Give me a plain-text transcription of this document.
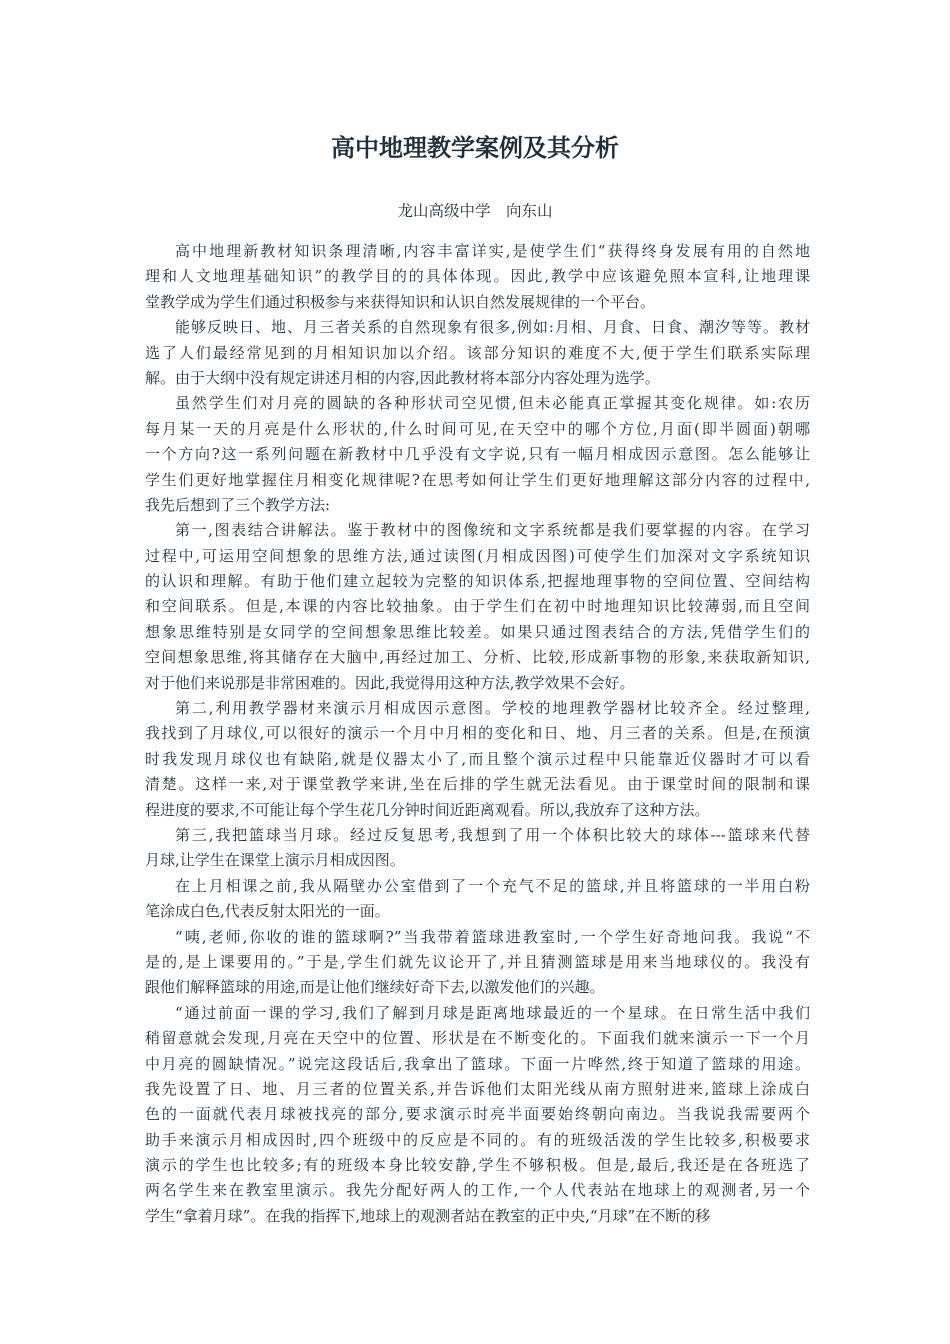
高中地理教学案例及其分析
龙山高级中学　向东山
高中地理新教材知识条理清晰,内容丰富详实,是使学生们“获得终身发展有用的自然地
理和人文地理基础知识”的教学目的的具体体现。因此,教学中应该避免照本宣科,让地理课
堂教学成为学生们通过积极参与来获得知识和认识自然发展规律的一个平台。
能够反映日、地、月三者关系的自然现象有很多,例如:月相、月食、日食、潮汐等等。教材
选了人们最经常见到的月相知识加以介绍。该部分知识的难度不大,便于学生们联系实际理
解。由于大纲中没有规定讲述月相的内容,因此教材将本部分内容处理为选学。
虽然学生们对月亮的圆缺的各种形状司空见惯,但未必能真正掌握其变化规律。如:农历
每月某一天的月亮是什么形状的,什么时间可见,在天空中的哪个方位,月面(即半圆面)朝哪
一个方向?这一系列问题在新教材中几乎没有文字说,只有一幅月相成因示意图。怎么能够让
学生们更好地掌握住月相变化规律呢?在思考如何让学生们更好地理解这部分内容的过程中,
我先后想到了三个教学方法:
第一,图表结合讲解法。鉴于教材中的图像统和文字系统都是我们要掌握的内容。在学习
过程中,可运用空间想象的思维方法,通过读图(月相成因图)可使学生们加深对文字系统知识
的认识和理解。有助于他们建立起较为完整的知识体系,把握地理事物的空间位置、空间结构
和空间联系。但是,本课的内容比较抽象。由于学生们在初中时地理知识比较薄弱,而且空间
想象思维特别是女同学的空间想象思维比较差。如果只通过图表结合的方法,凭借学生们的
空间想象思维,将其储存在大脑中,再经过加工、分析、比较,形成新事物的形象,来获取新知识,
对于他们来说那是非常困难的。因此,我觉得用这种方法,教学效果不会好。
第二,利用教学器材来演示月相成因示意图。学校的地理教学器材比较齐全。经过整理,
我找到了月球仪,可以很好的演示一个月中月相的变化和日、地、月三者的关系。但是,在预演
时我发现月球仪也有缺陷,就是仪器太小了,而且整个演示过程中只能靠近仪器时才可以看
清楚。这样一来,对于课堂教学来讲,坐在后排的学生就无法看见。由于课堂时间的限制和课
程进度的要求,不可能让每个学生花几分钟时间近距离观看。所以,我放弃了这种方法。
第三,我把篮球当月球。经过反复思考,我想到了用一个体积比较大的球体---篮球来代替
月球,让学生在课堂上演示月相成因图。
在上月相课之前,我从隔壁办公室借到了一个充气不足的篮球,并且将篮球的一半用白粉
笔涂成白色,代表反射太阳光的一面。
“咦,老师,你收的谁的篮球啊?”当我带着篮球进教室时,一个学生好奇地问我。我说“不
是的,是上课要用的。”于是,学生们就先议论开了,并且猜测篮球是用来当地球仪的。我没有
跟他们解释篮球的用途,而是让他们继续好奇下去,以激发他们的兴趣。
“通过前面一课的学习,我们了解到月球是距离地球最近的一个星球。在日常生活中我们
稍留意就会发现,月亮在天空中的位置、形状是在不断变化的。下面我们就来演示一下一个月
中月亮的圆缺情况。”说完这段话后,我拿出了篮球。下面一片哗然,终于知道了篮球的用途。
我先设置了日、地、月三者的位置关系,并告诉他们太阳光线从南方照射进来,篮球上涂成白
色的一面就代表月球被找亮的部分,要求演示时亮半面要始终朝向南边。当我说我需要两个
助手来演示月相成因时,四个班级中的反应是不同的。有的班级活泼的学生比较多,积极要求
演示的学生也比较多;有的班级本身比较安静,学生不够积极。但是,最后,我还是在各班选了
两名学生来在教室里演示。我先分配好两人的工作,一个人代表站在地球上的观测者,另一个
学生“拿着月球”。在我的指挥下,地球上的观测者站在教室的正中央,“月球”在不断的移
